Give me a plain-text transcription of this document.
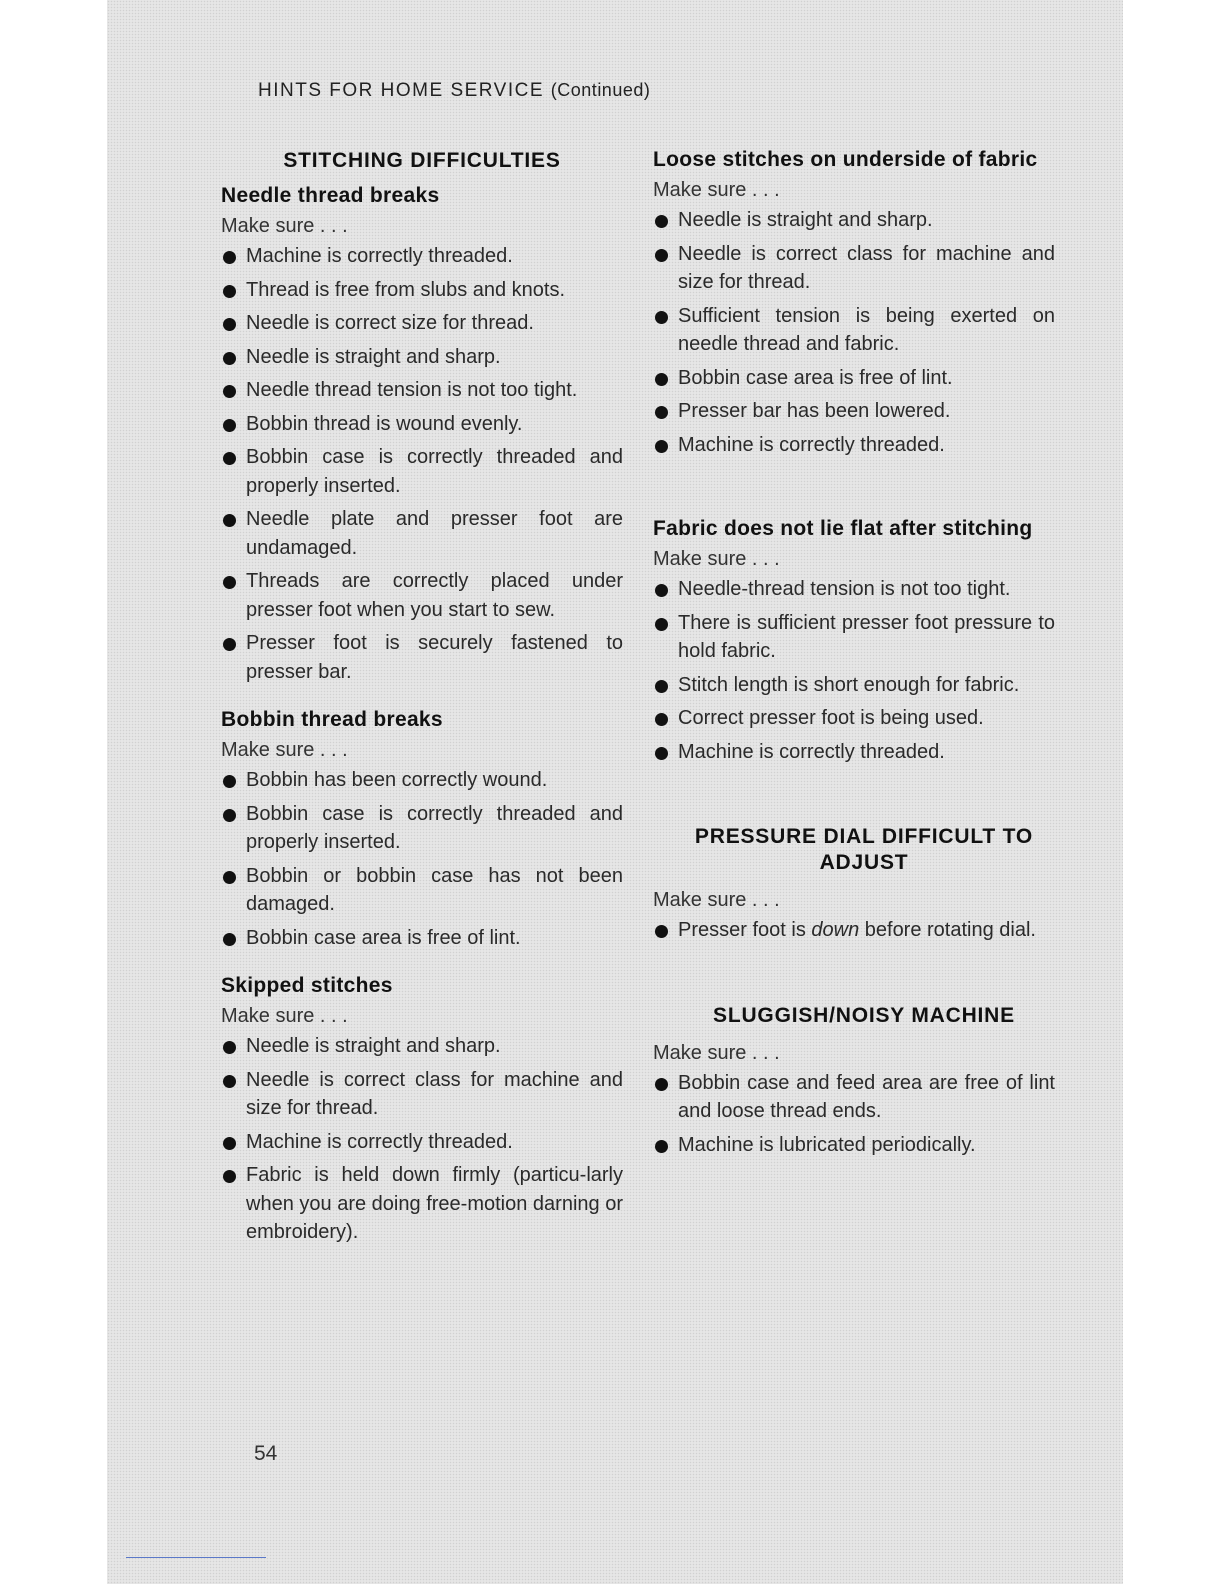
HINTS FOR HOME SERVICE (Continued)
STITCHING DIFFICULTIES
Needle thread breaks
Make sure . . .
Machine is correctly threaded.
Thread is free from slubs and knots.
Needle is correct size for thread.
Needle is straight and sharp.
Needle thread tension is not too tight.
Bobbin thread is wound evenly.
Bobbin case is correctly threaded and properly inserted.
Needle plate and presser foot are undamaged.
Threads are correctly placed under presser foot when you start to sew.
Presser foot is securely fastened to presser bar.
Bobbin thread breaks
Make sure . . .
Bobbin has been correctly wound.
Bobbin case is correctly threaded and properly inserted.
Bobbin or bobbin case has not been damaged.
Bobbin case area is free of lint.
Skipped stitches
Make sure . . .
Needle is straight and sharp.
Needle is correct class for machine and size for thread.
Machine is correctly threaded.
Fabric is held down firmly (particu-larly when you are doing free-motion darning or embroidery).
Loose stitches on underside of fabric
Make sure . . .
Needle is straight and sharp.
Needle is correct class for machine and size for thread.
Sufficient tension is being exerted on needle thread and fabric.
Bobbin case area is free of lint.
Presser bar has been lowered.
Machine is correctly threaded.
Fabric does not lie flat after stitching
Make sure . . .
Needle-thread tension is not too tight.
There is sufficient presser foot pressure to hold fabric.
Stitch length is short enough for fabric.
Correct presser foot is being used.
Machine is correctly threaded.
PRESSURE DIAL DIFFICULT TO ADJUST
Make sure . . .
Presser foot is down before rotating dial.
SLUGGISH/NOISY MACHINE
Make sure . . .
Bobbin case and feed area are free of lint and loose thread ends.
Machine is lubricated periodically.
54
